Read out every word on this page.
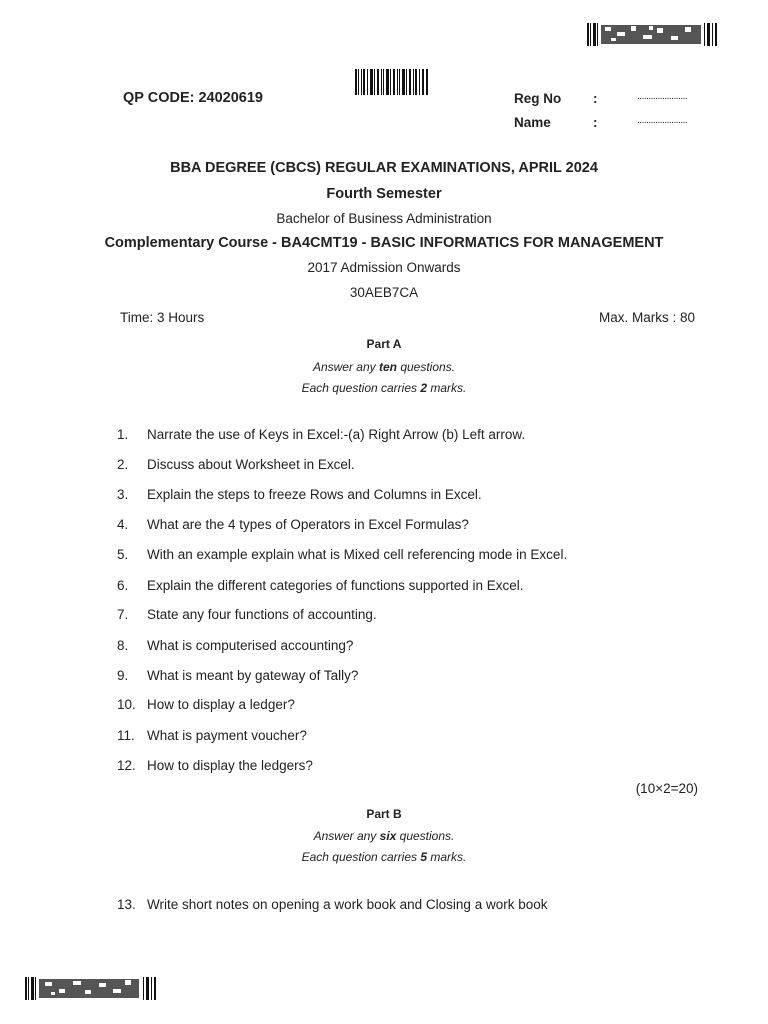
QP CODE: 24020619	Reg No :	......................
Name	:	......................
BBA DEGREE (CBCS) REGULAR EXAMINATIONS, APRIL 2024
Fourth Semester
Bachelor of Business Administration
Complementary Course - BA4CMT19 - BASIC INFORMATICS FOR MANAGEMENT
2017 Admission Onwards
30AEB7CA
Time: 3 Hours	Max. Marks : 80
Part A
Answer any ten questions.
Each question carries 2 marks.
1. Narrate the use of Keys in Excel:-(a) Right Arrow (b) Left arrow.
2. Discuss about Worksheet in Excel.
3. Explain the steps to freeze Rows and Columns in Excel.
4. What are the 4 types of Operators in Excel Formulas?
5. With an example explain what is Mixed cell referencing mode in Excel.
6. Explain the different categories of functions supported in Excel.
7. State any four functions of accounting.
8. What is computerised accounting?
9. What is meant by gateway of Tally?
10. How to display a ledger?
11. What is payment voucher?
12. How to display the ledgers?
(10×2=20)
Part B
Answer any six questions.
Each question carries 5 marks.
13. Write short notes on opening a work book and Closing a work book
